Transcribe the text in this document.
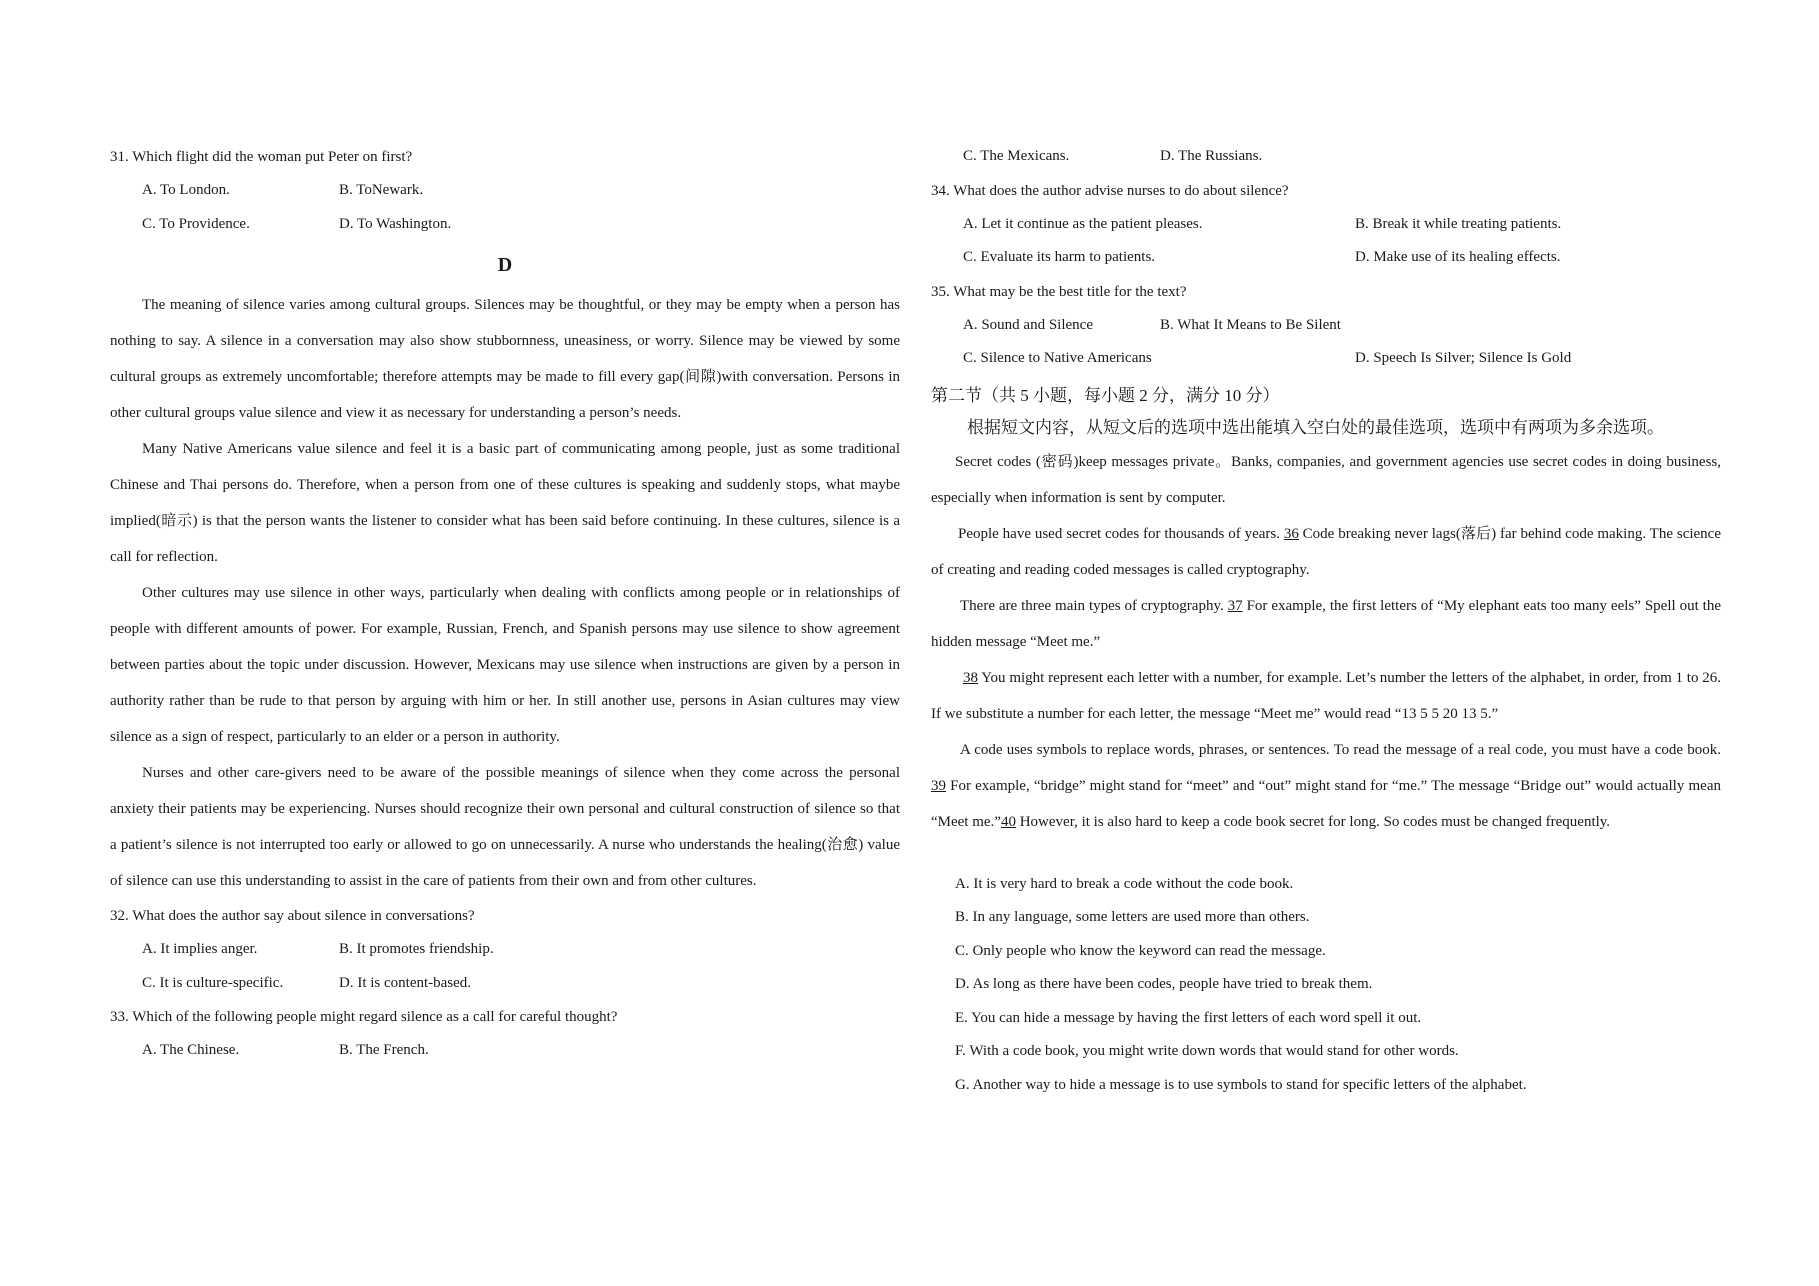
31. Which flight did the woman put Peter on first?
A. To London.	B. ToNewark.
C. To Providence.	D. To Washington.
D

The meaning of silence varies among cultural groups. Silences may be thoughtful, or they may be empty when a person has nothing to say. A silence in a conversation may also show stubbornness, uneasiness, or worry. Silence may be viewed by some cultural groups as extremely uncomfortable; therefore attempts may be made to fill every gap(间隙)with conversation. Persons in other cultural groups value silence and view it as necessary for understanding a person’s needs.

Many Native Americans value silence and feel it is a basic part of communicating among people, just as some traditional Chinese and Thai persons do. Therefore, when a person from one of these cultures is speaking and suddenly stops, what maybe implied(暗示) is that the person wants the listener to consider what has been said before continuing. In these cultures, silence is a call for reflection.

Other cultures may use silence in other ways, particularly when dealing with conflicts among people or in relationships of people with different amounts of power. For example, Russian, French, and Spanish persons may use silence to show agreement between parties about the topic under discussion. However, Mexicans may use silence when instructions are given by a person in authority rather than be rude to that person by arguing with him or her. In still another use, persons in Asian cultures may view silence as a sign of respect, particularly to an elder or a person in authority.

Nurses and other care-givers need to be aware of the possible meanings of silence when they come across the personal anxiety their patients may be experiencing. Nurses should recognize their own personal and cultural construction of silence so that a patient’s silence is not interrupted too early or allowed to go on unnecessarily. A nurse who understands the healing(治愈) value of silence can use this understanding to assist in the care of patients from their own and from other cultures.

32. What does the author say about silence in conversations?
A. It implies anger.	B. It promotes friendship.
C. It is culture-specific.	D. It is content-based.
33. Which of the following people might regard silence as a call for careful thought?
A. The Chinese.	B. The French.
C. The Mexicans.	D. The Russians.
34. What does the author advise nurses to do about silence?
A. Let it continue as the patient pleases.	B. Break it while treating patients.
C. Evaluate its harm to patients.	D. Make use of its healing effects.
35. What may be the best title for the text?
A. Sound and Silence	B. What It Means to Be Silent
C. Silence to Native Americans	D. Speech Is Silver; Silence Is Gold
第二节（共 5 小题，每小题 2 分，满分 10 分）
根据短文内容，从短文后的选项中选出能填入空白处的最佳选项，选项中有两项为多余选项。

Secret codes (密码)keep messages private。Banks, companies, and government agencies use secret codes in doing business, especially when information is sent by computer.

People have used secret codes for thousands of years. 36 Code breaking never lags(落后) far behind code making. The science of creating and reading coded messages is called cryptography.

There are three main types of cryptography. 37 For example, the first letters of “My elephant eats too many eels” Spell out the hidden message “Meet me.”

38 You might represent each letter with a number, for example. Let’s number the letters of the alphabet, in order, from 1 to 26. If we substitute a number for each letter, the message “Meet me” would read “13 5 5 20 13 5.”

A code uses symbols to replace words, phrases, or sentences. To read the message of a real code, you must have a code book. 39 For example, “bridge” might stand for “meet” and “out” might stand for “me.” The message “Bridge out” would actually mean “Meet me.”40 However, it is also hard to keep a code book secret for long. So codes must be changed frequently.

A. It is very hard to break a code without the code book.
B. In any language, some letters are used more than others.
C. Only people who know the keyword can read the message.
D. As long as there have been codes, people have tried to break them.
E. You can hide a message by having the first letters of each word spell it out.
F. With a code book, you might write down words that would stand for other words.
G. Another way to hide a message is to use symbols to stand for specific letters of the alphabet.
